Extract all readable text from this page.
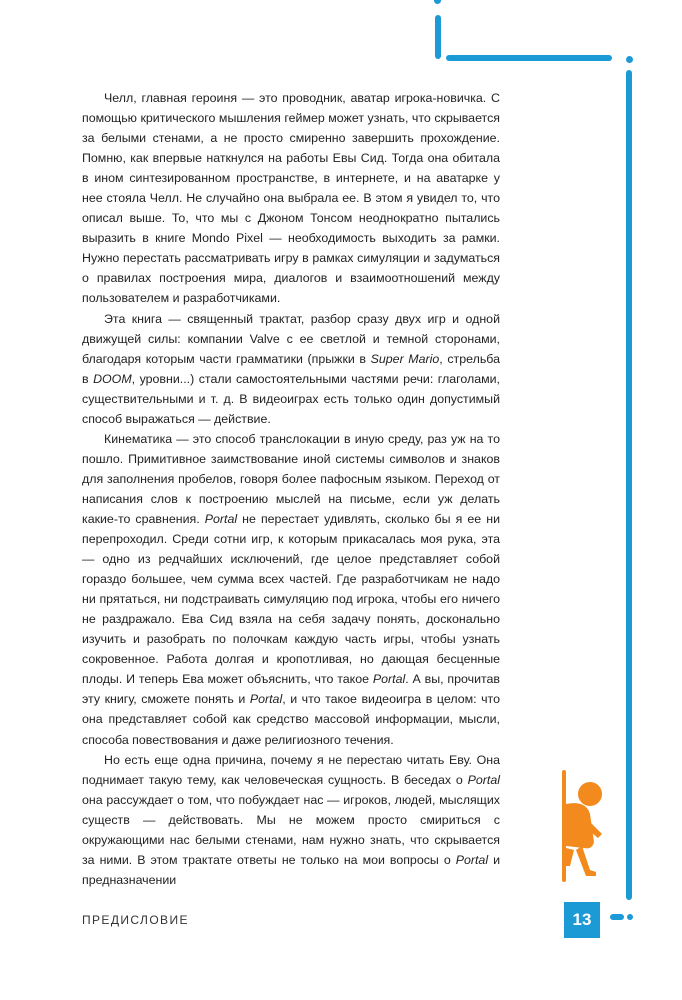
Челл, главная героиня — это проводник, аватар игрока-новичка. С помощью критического мышления геймер может узнать, что скрывается за белыми стенами, а не просто смиренно завершить прохождение. Помню, как впервые наткнулся на работы Евы Сид. Тогда она обитала в ином синтезированном пространстве, в интернете, и на аватарке у нее стояла Челл. Не случайно она выбрала ее. В этом я увидел то, что описал выше. То, что мы с Джоном Тонсом неоднократно пытались выразить в книге Mondo Pixel — необходимость выходить за рамки. Нужно перестать рассматривать игру в рамках симуляции и задуматься о правилах построения мира, диалогов и взаимоотношений между пользователем и разработчиками.

Эта книга — священный трактат, разбор сразу двух игр и одной движущей силы: компании Valve с ее светлой и темной сторонами, благодаря которым части грамматики (прыжки в Super Mario, стрельба в DOOM, уровни...) стали самостоятельными частями речи: глаголами, существительными и т. д. В видеоиграх есть только один допустимый способ выражаться — действие.

Кинематика — это способ транслокации в иную среду, раз уж на то пошло. Примитивное заимствование иной системы символов и знаков для заполнения пробелов, говоря более пафосным языком. Переход от написания слов к построению мыслей на письме, если уж делать какие-то сравнения. Portal не перестает удивлять, сколько бы я ее ни перепроходил. Среди сотни игр, к которым прикасалась моя рука, эта — одно из редчайших исключений, где целое представляет собой гораздо большее, чем сумма всех частей. Где разработчикам не надо ни прятаться, ни подстраивать симуляцию под игрока, чтобы его ничего не раздражало. Ева Сид взяла на себя задачу понять, досконально изучить и разобрать по полочкам каждую часть игры, чтобы узнать сокровенное. Работа долгая и кропотливая, но дающая бесценные плоды. И теперь Ева может объяснить, что такое Portal. А вы, прочитав эту книгу, сможете понять и Portal, и что такое видеоигра в целом: что она представляет собой как средство массовой информации, мысли, способа повествования и даже религиозного течения.

Но есть еще одна причина, почему я не перестаю читать Еву. Она поднимает такую тему, как человеческая сущность. В беседах о Portal она рассуждает о том, что побуждает нас — игроков, людей, мыслящих существ — действовать. Мы не можем просто смириться с окружающими нас белыми стенами, нам нужно знать, что скрывается за ними. В этом трактате ответы не только на мои вопросы о Portal и предназначении

ПРЕДИСЛОВИЕ	13
